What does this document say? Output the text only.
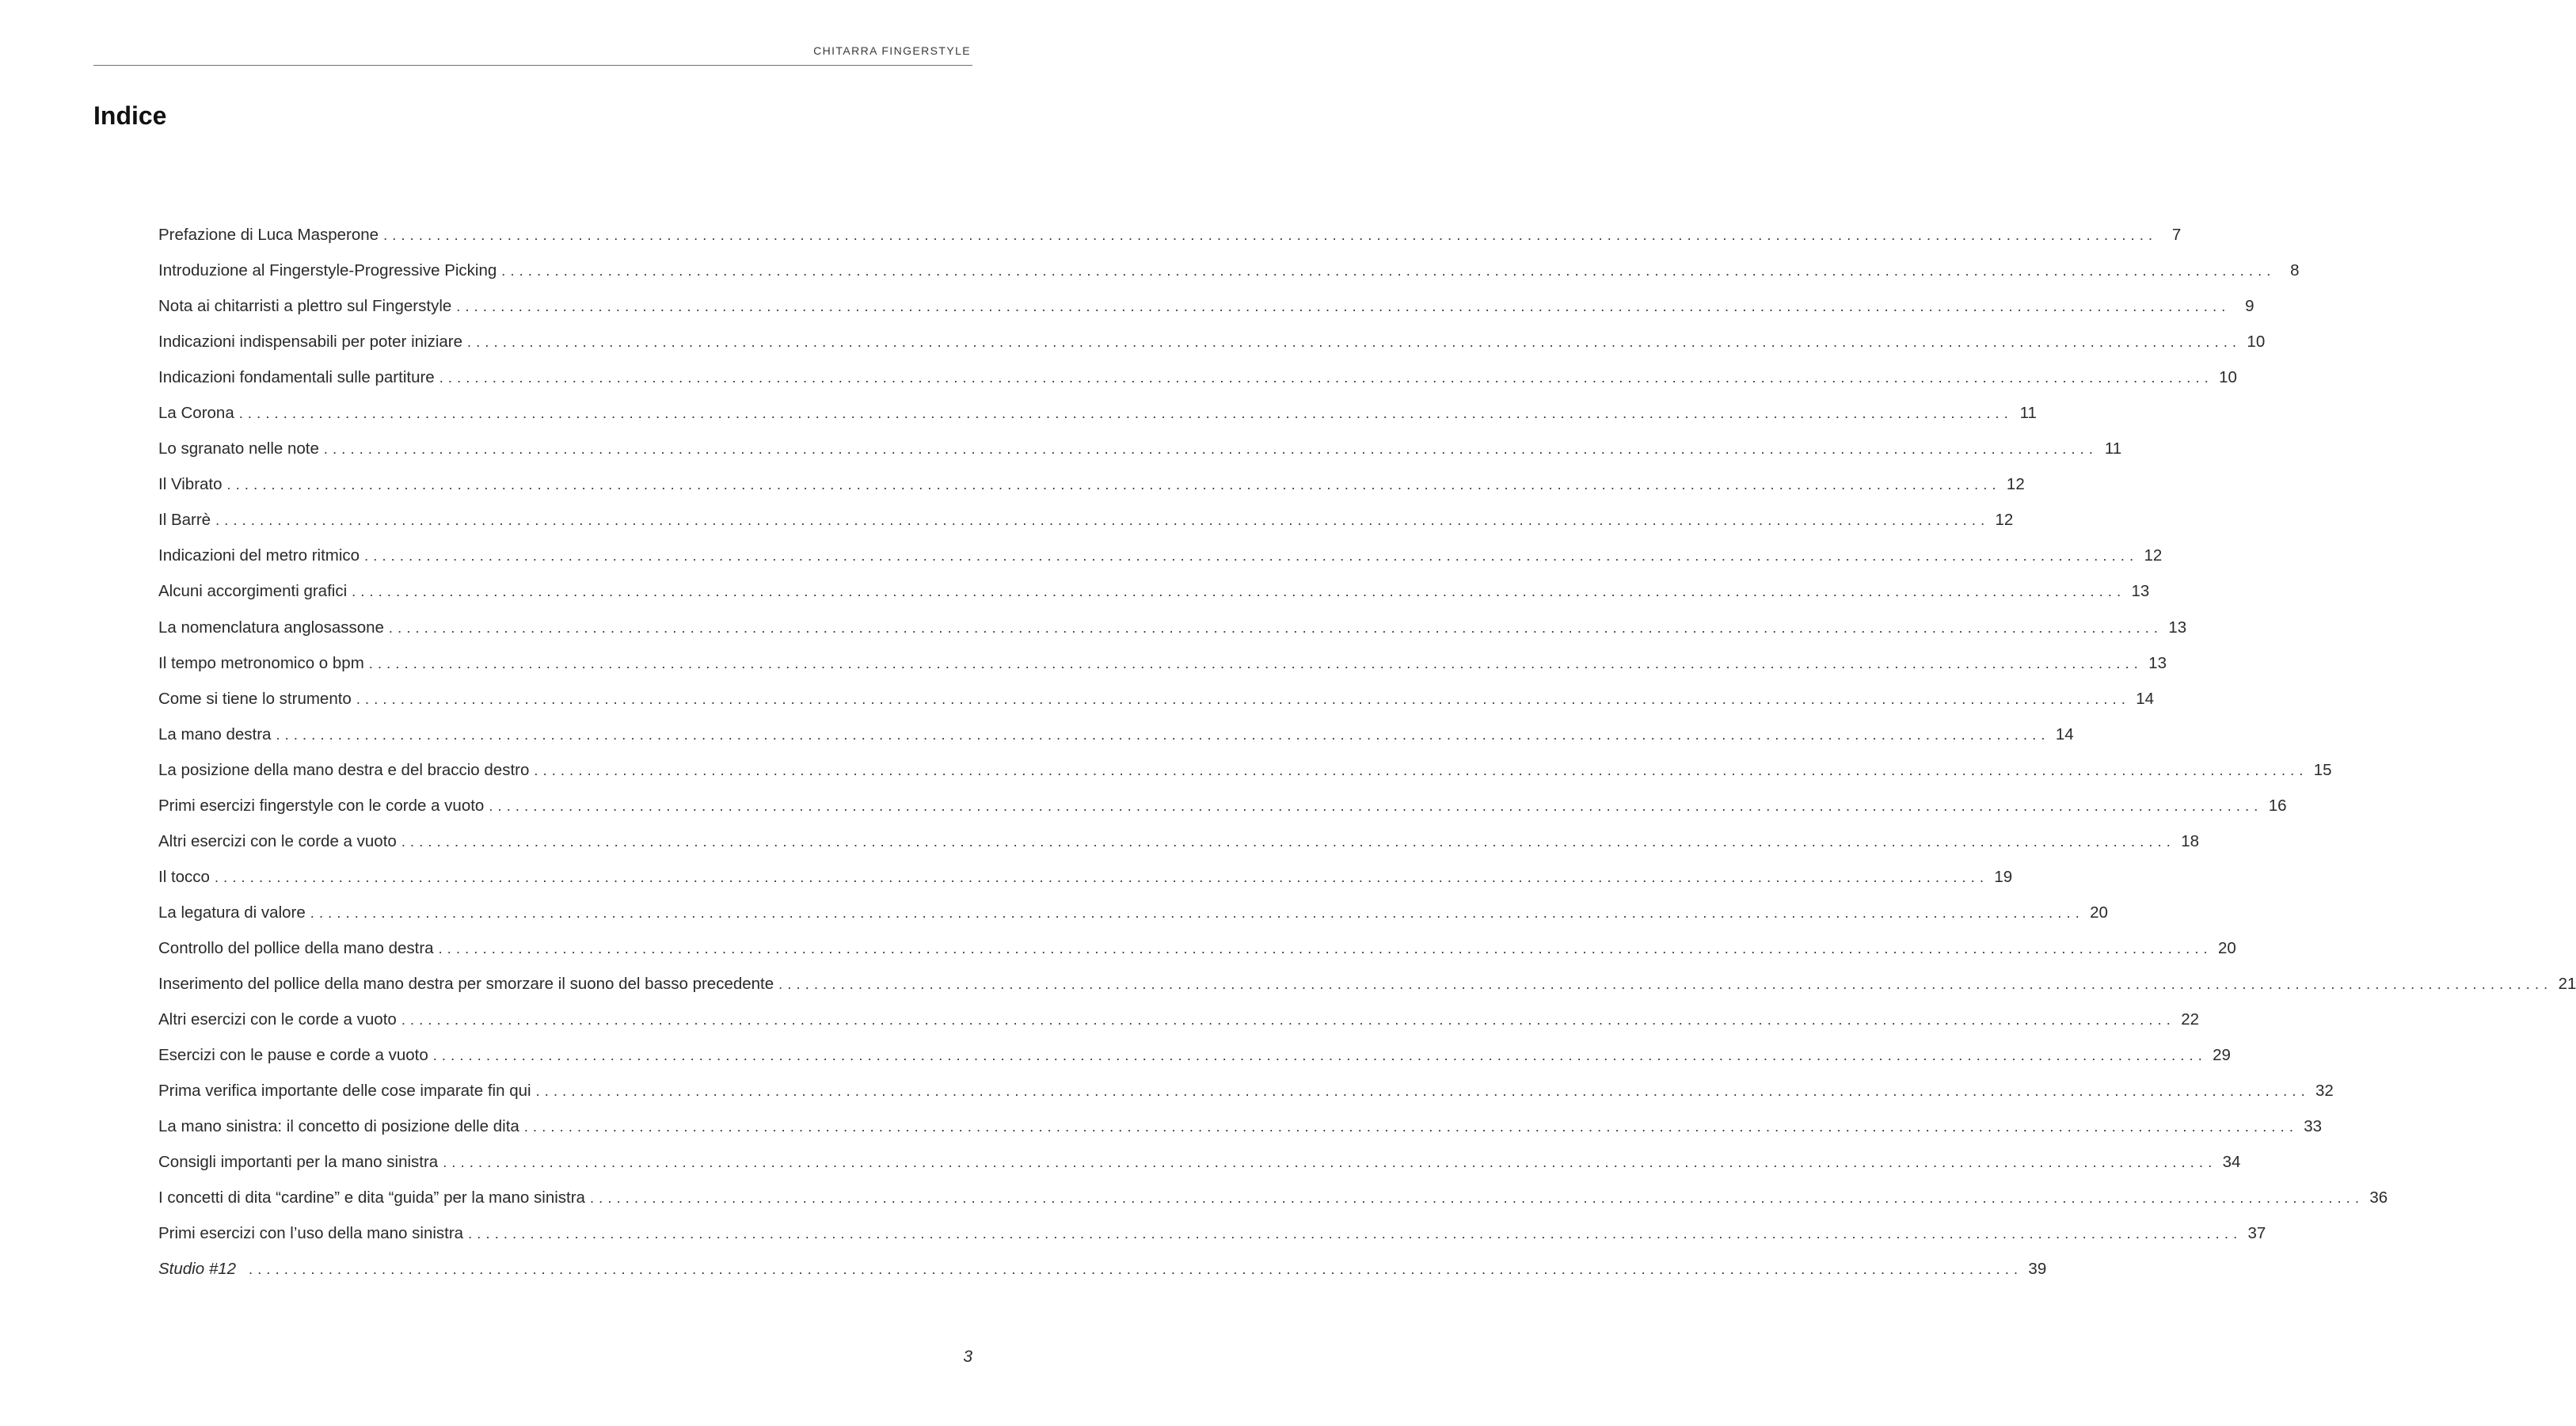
CHITARRA FINGERSTYLE
Indice
Prefazione di Luca Masperone ........................................................................................................................................................................................................ 7
Introduzione al Fingerstyle-Progressive Picking ........................................................................................................................................................................................................ 8
Nota ai chitarristi a plettro sul Fingerstyle ........................................................................................................................................................................................................ 9
Indicazioni indispensabili per poter iniziare ........................................................................................................................................................................................................ 10
Indicazioni fondamentali sulle partiture ........................................................................................................................................................................................................ 10
La Corona ........................................................................................................................................................................................................ 11
Lo sgranato nelle note ........................................................................................................................................................................................................ 11
Il Vibrato ........................................................................................................................................................................................................ 12
Il Barrè ........................................................................................................................................................................................................ 12
Indicazioni del metro ritmico ........................................................................................................................................................................................................ 12
Alcuni accorgimenti grafici ........................................................................................................................................................................................................ 13
La nomenclatura anglosassone ........................................................................................................................................................................................................ 13
Il tempo metronomico o bpm ........................................................................................................................................................................................................ 13
Come si tiene lo strumento ........................................................................................................................................................................................................ 14
La mano destra ........................................................................................................................................................................................................ 14
La posizione della mano destra e del braccio destro ........................................................................................................................................................................................................ 15
Primi esercizi fingerstyle con le corde a vuoto ........................................................................................................................................................................................................ 16
Altri esercizi con le corde a vuoto ........................................................................................................................................................................................................ 18
Il tocco ........................................................................................................................................................................................................ 19
La legatura di valore ........................................................................................................................................................................................................ 20
Controllo del pollice della mano destra ........................................................................................................................................................................................................ 20
Inserimento del pollice della mano destra per smorzare il suono del basso precedente ........................................................................................................................................................................................................ 21
Altri esercizi con le corde a vuoto ........................................................................................................................................................................................................ 22
Esercizi con le pause e corde a vuoto ........................................................................................................................................................................................................ 29
Prima verifica importante delle cose imparate fin qui ........................................................................................................................................................................................................ 32
La mano sinistra: il concetto di posizione delle dita ........................................................................................................................................................................................................ 33
Consigli importanti per la mano sinistra ........................................................................................................................................................................................................ 34
I concetti di dita “cardine” e dita “guida” per la mano sinistra ........................................................................................................................................................................................................ 36
Primi esercizi con l’uso della mano sinistra ........................................................................................................................................................................................................ 37
Studio #12 ........................................................................................................................................................................................................ 39
3
